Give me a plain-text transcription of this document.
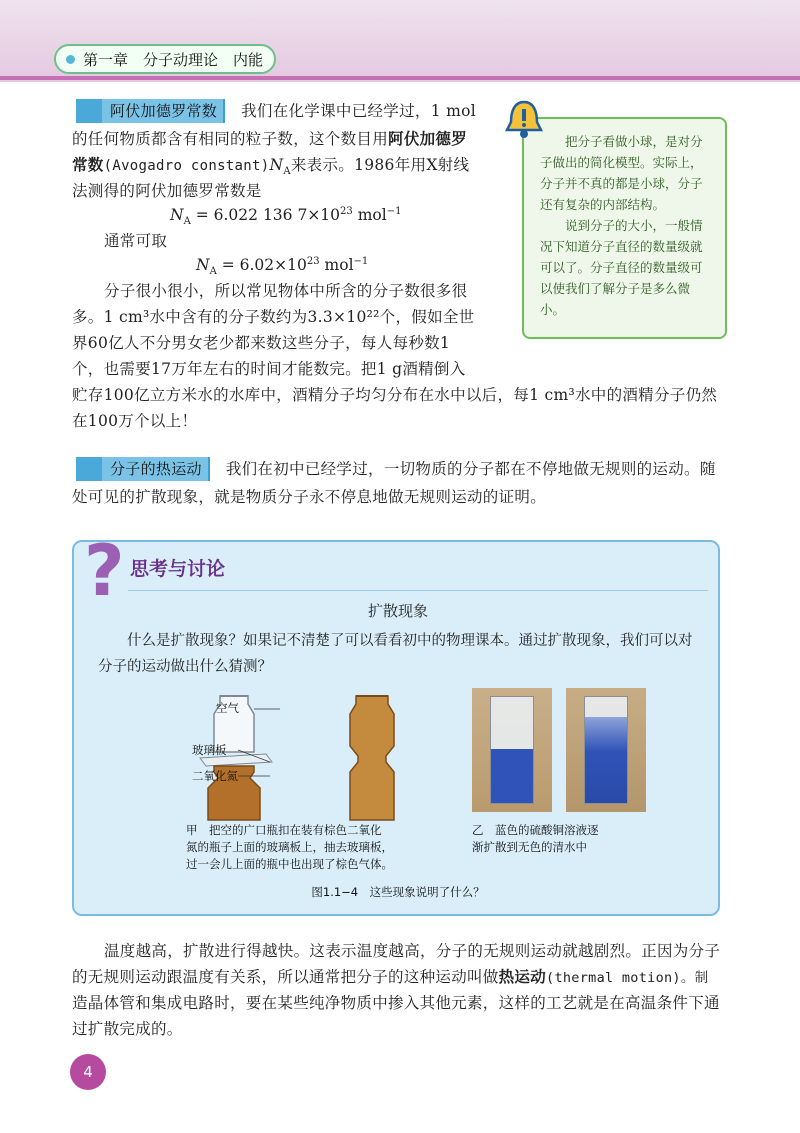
第一章　分子动理论　内能
阿伏加德罗常数 我们在化学课中已经学过，1 mol
的任何物质都含有相同的粒子数，这个数目用阿伏加德罗
常数(Avogadro $constant)N_A$来表示。1986年用X射线
法测得的阿伏加德罗常数是
$N_A = 6.022$ 136 $7\times 10^{23}$ mol$^{-1}$
通常可取
$N_A = 6.02\times 10^{23}$ mol$^{-1}$
分子很小很小，所以常见物体中所含的分子数很多很
多。1 cm³水中含有的分子数约为3.3×10²²个，假如全世
界60亿人不分男女老少都来数这些分子，每人每秒数1
个，也需要17万年左右的时间才能数完。把1 g酒精倒入
贮存100亿立方米水的水库中，酒精分子均匀分布在水中以后，每1 cm³水中的酒精分子仍然
在100万个以上！

把分子看做小球，是对分子做出的简化模型。实际上，分子并不真的都是小球，分子还有复杂的内部结构。

说到分子的大小，一般情况下知道分子直径的数量级就可以了。分子直径的数量级可以使我们了解分子是多么微小。

分子的热运动 我们在初中已经学过，一切物质的分子都在不停地做无规则的运动。随
处可见的扩散现象，就是物质分子永不停息地做无规则运动的证明。
? 思考与讨论
扩散现象
什么是扩散现象？如果记不清楚了可以看看初中的物理课本。通过扩散现象，我们可以对分子的运动做出什么猜测？
空气
玻璃板
二氧化氮
甲　把空的广口瓶扣在装有棕色二氧化
氮的瓶子上面的玻璃板上，抽去玻璃板，
过一会儿上面的瓶中也出现了棕色气体。
乙　蓝色的硫酸铜溶液逐
渐扩散到无色的清水中
图1.1−4　这些现象说明了什么？
温度越高，扩散进行得越快。这表示温度越高，分子的无规则运动就越剧烈。正因为分子
的无规则运动跟温度有关系，所以通常把分子的这种运动叫做热运动(thermal motion)。制
造晶体管和集成电路时，要在某些纯净物质中掺入其他元素，这样的工艺就是在高温条件下通
过扩散完成的。
4
